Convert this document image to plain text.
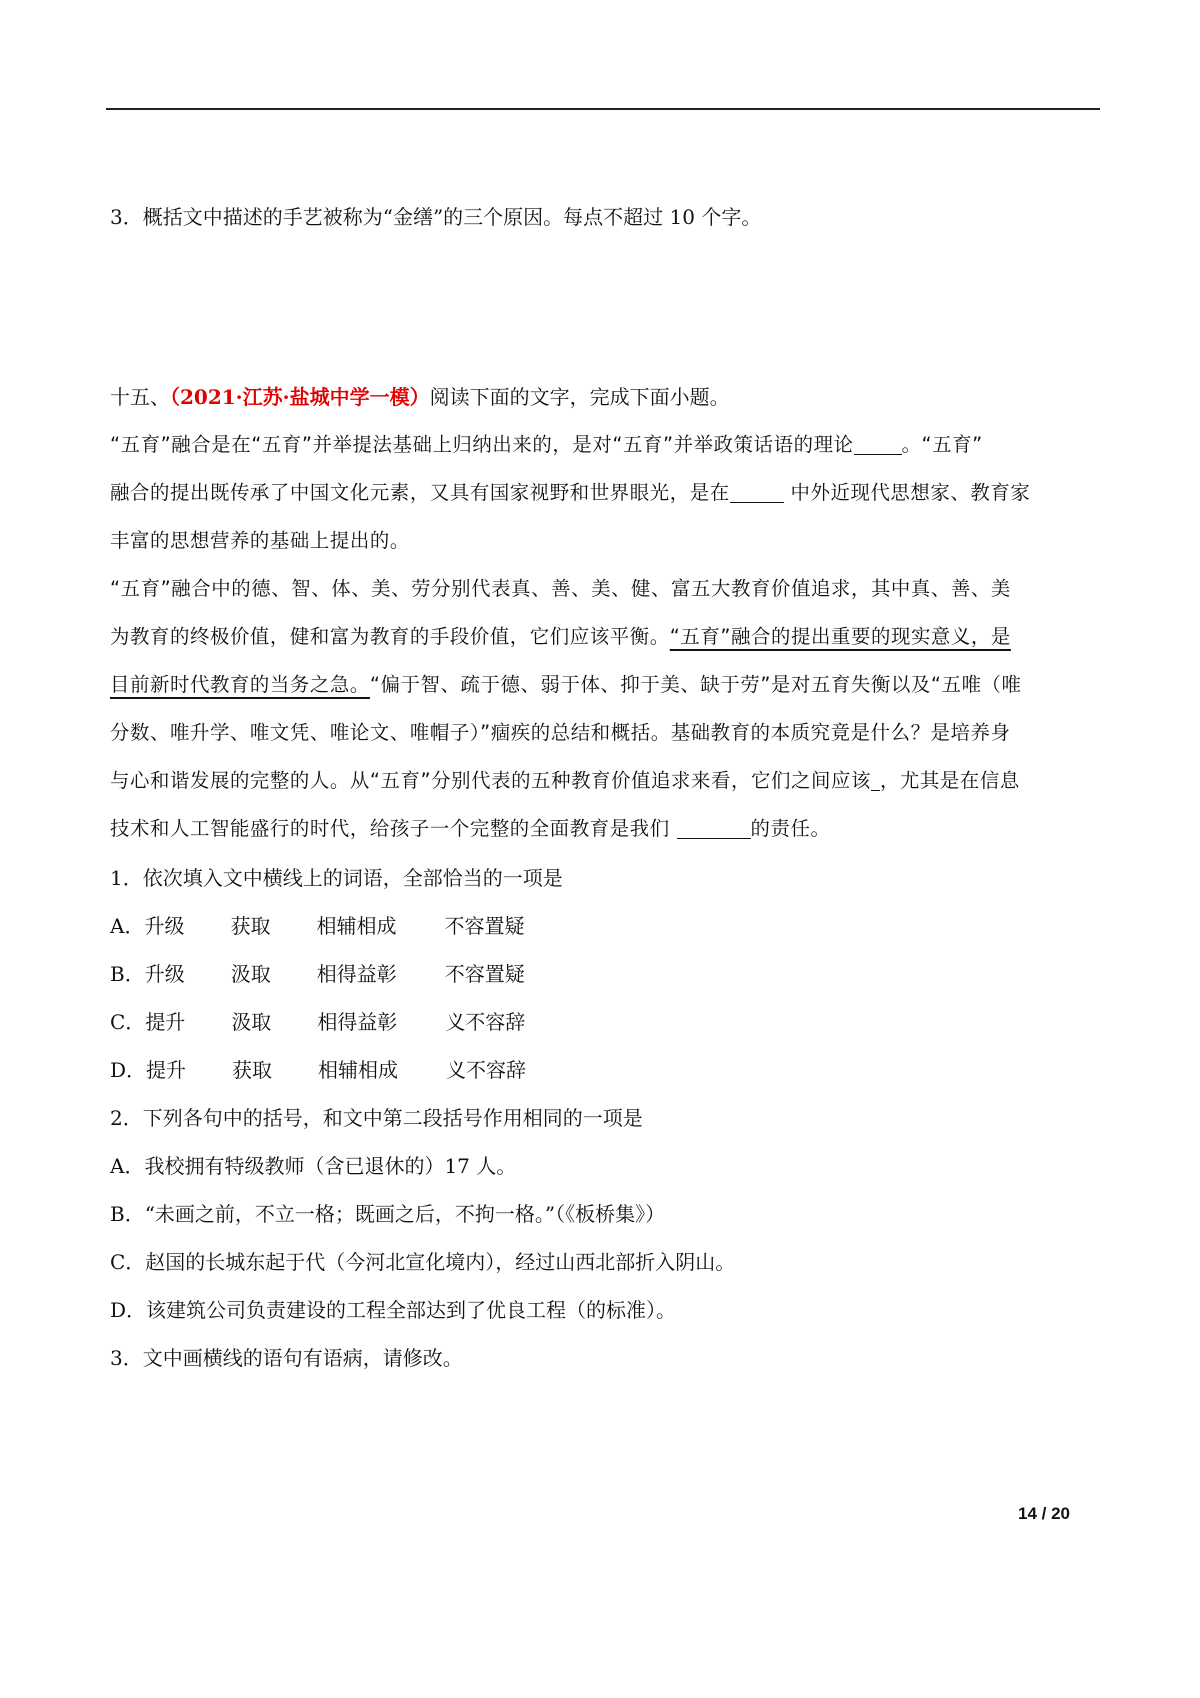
3．概括文中描述的手艺被称为“金缮”的三个原因。每点不超过 10 个字。
十五、（2021·江苏·盐城中学一模）阅读下面的文字，完成下面小题。
“五育”融合是在“五育”并举提法基础上归纳出来的，是对“五育”并举政策话语的理论 。“五育”
融合的提出既传承了中国文化元素，又具有国家视野和世界眼光，是在	中外近现代思想家、教育家
丰富的思想营养的基础上提出的。
“五育”融合中的德、智、体、美、劳分别代表真、善、美、健、富五大教育价值追求，其中真、善、美
为教育的终极价值，健和富为教育的手段价值，它们应该平衡。“五育”融合的提出重要的现实意义，是
目前新时代教育的当务之急。“偏于智、疏于德、弱于体、抑于美、缺于劳”是对五育失衡以及“五唯（唯
分数、唯升学、唯文凭、唯论文、唯帽子）”痼疾的总结和概括。基础教育的本质究竟是什么？是培养身
与心和谐发展的完整的人。从“五育”分别代表的五种教育价值追求来看，它们之间应该 ，尤其是在信息
技术和人工智能盛行的时代，给孩子一个完整的全面教育是我们	的责任。
1．依次填入文中横线上的词语，全部恰当的一项是
A．升级 获取 相辅相成 不容置疑
B．升级 汲取 相得益彰 不容置疑
C．提升 汲取 相得益彰 义不容辞
D．提升 获取 相辅相成 义不容辞
2．下列各句中的括号，和文中第二段括号作用相同的一项是
A．我校拥有特级教师（含已退休的）17 人。
B．“未画之前，不立一格；既画之后，不拘一格。”（《板桥集》）
C．赵国的长城东起于代（今河北宣化境内），经过山西北部折入阴山。
D．该建筑公司负责建设的工程全部达到了优良工程（的标准）。
3．文中画横线的语句有语病，请修改。
14 / 20
